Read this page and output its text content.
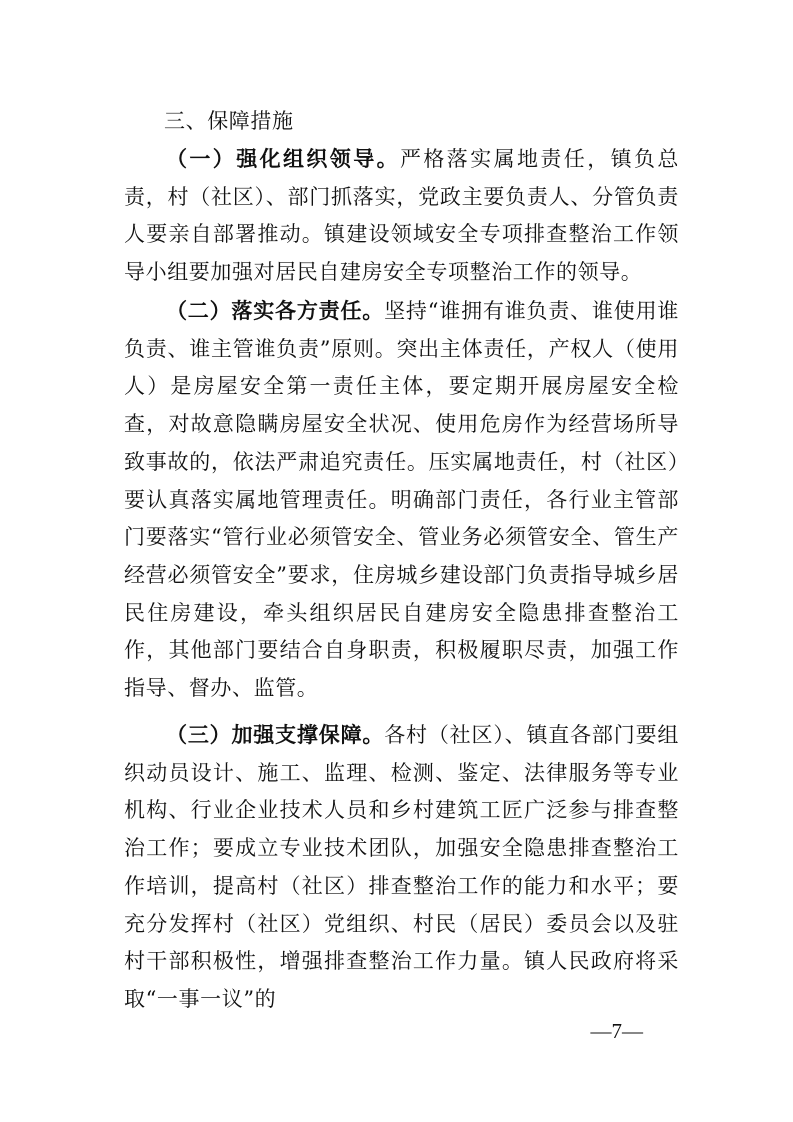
三、保障措施

（一）强化组织领导。严格落实属地责任，镇负总责，村（社区）、部门抓落实，党政主要负责人、分管负责人要亲自部署推动。镇建设领域安全专项排查整治工作领导小组要加强对居民自建房安全专项整治工作的领导。

（二）落实各方责任。坚持“谁拥有谁负责、谁使用谁负责、谁主管谁负责”原则。突出主体责任，产权人（使用人）是房屋安全第一责任主体，要定期开展房屋安全检查，对故意隐瞒房屋安全状况、使用危房作为经营场所导致事故的，依法严肃追究责任。压实属地责任，村（社区）要认真落实属地管理责任。明确部门责任，各行业主管部门要落实“管行业必须管安全、管业务必须管安全、管生产经营必须管安全”要求，住房城乡建设部门负责指导城乡居民住房建设，牵头组织居民自建房安全隐患排查整治工作，其他部门要结合自身职责，积极履职尽责，加强工作指导、督办、监管。

（三）加强支撑保障。各村（社区）、镇直各部门要组织动员设计、施工、监理、检测、鉴定、法律服务等专业机构、行业企业技术人员和乡村建筑工匠广泛参与排查整治工作；要成立专业技术团队，加强安全隐患排查整治工作培训，提高村（社区）排查整治工作的能力和水平；要充分发挥村（社区）党组织、村民（居民）委员会以及驻村干部积极性，增强排查整治工作力量。镇人民政府将采取“一事一议”的

—7—
